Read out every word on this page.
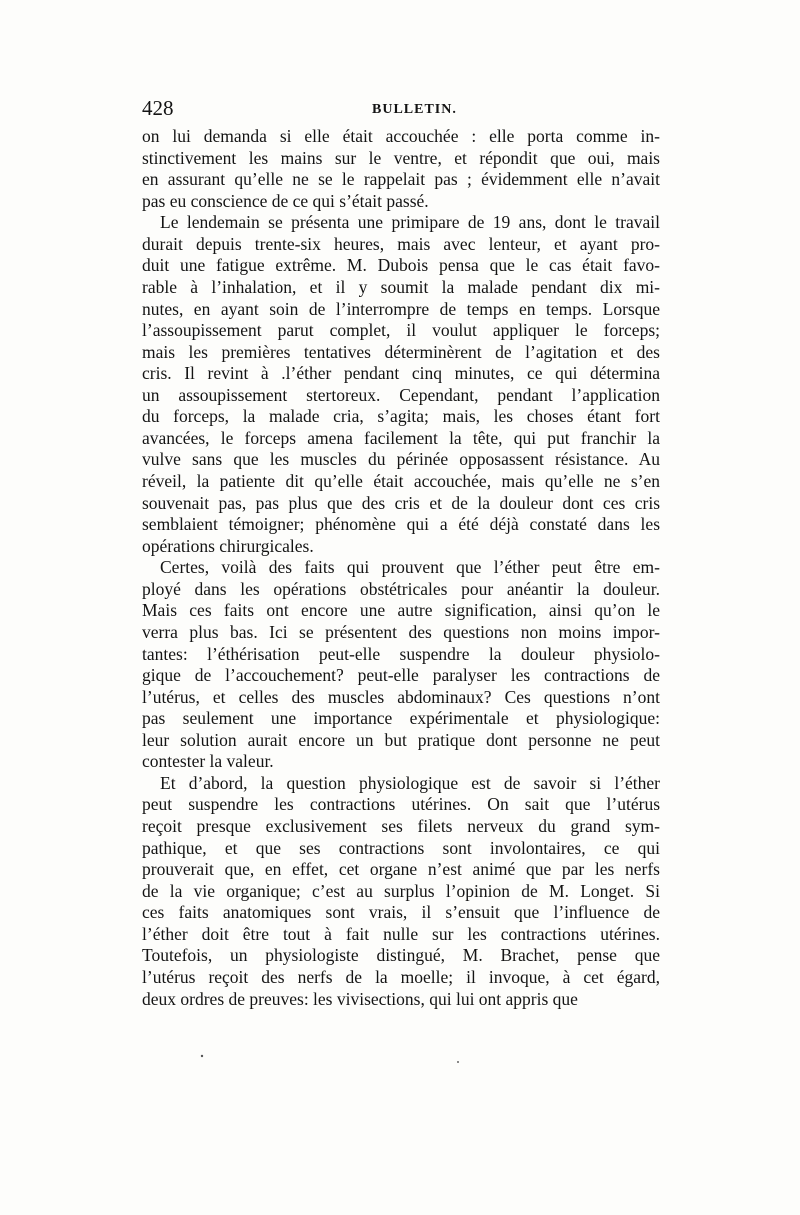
428	BULLETIN.
on lui demanda si elle était accouchée : elle porta comme in-
stinctivement les mains sur le ventre, et répondit que oui, mais
en assurant qu’elle ne se le rappelait pas ; évidemment elle n’avait
pas eu conscience de ce qui s’était passé.
Le lendemain se présenta une primipare de 19 ans, dont le travail
durait depuis trente-six heures, mais avec lenteur, et ayant pro-
duit une fatigue extrême. M. Dubois pensa que le cas était favo-
rable à l’inhalation, et il y soumit la malade pendant dix mi-
nutes, en ayant soin de l’interrompre de temps en temps. Lorsque
l’assoupissement parut complet, il voulut appliquer le forceps;
mais les premières tentatives déterminèrent de l’agitation et des
cris. Il revint à .l’éther pendant cinq minutes, ce qui détermina
un assoupissement stertoreux. Cependant, pendant l’application
du forceps, la malade cria, s’agita; mais, les choses étant fort
avancées, le forceps amena facilement la tête, qui put franchir la
vulve sans que les muscles du périnée opposassent résistance. Au
réveil, la patiente dit qu’elle était accouchée, mais qu’elle ne s’en
souvenait pas, pas plus que des cris et de la douleur dont ces cris
semblaient témoigner; phénomène qui a été déjà constaté dans les
opérations chirurgicales.
Certes, voilà des faits qui prouvent que l’éther peut être em-
ployé dans les opérations obstétricales pour anéantir la douleur.
Mais ces faits ont encore une autre signification, ainsi qu’on le
verra plus bas. Ici se présentent des questions non moins impor-
tantes: l’éthérisation peut-elle suspendre la douleur physiolo-
gique de l’accouchement? peut-elle paralyser les contractions de
l’utérus, et celles des muscles abdominaux? Ces questions n’ont
pas seulement une importance expérimentale et physiologique:
leur solution aurait encore un but pratique dont personne ne peut
contester la valeur.
Et d’abord, la question physiologique est de savoir si l’éther
peut suspendre les contractions utérines. On sait que l’utérus
reçoit presque exclusivement ses filets nerveux du grand sym-
pathique, et que ses contractions sont involontaires, ce qui
prouverait que, en effet, cet organe n’est animé que par les nerfs
de la vie organique; c’est au surplus l’opinion de M. Longet. Si
ces faits anatomiques sont vrais, il s’ensuit que l’influence de
l’éther doit être tout à fait nulle sur les contractions utérines.
Toutefois, un physiologiste distingué, M. Brachet, pense que
l’utérus reçoit des nerfs de la moelle; il invoque, à cet égard,
deux ordres de preuves: les vivisections, qui lui ont appris que
